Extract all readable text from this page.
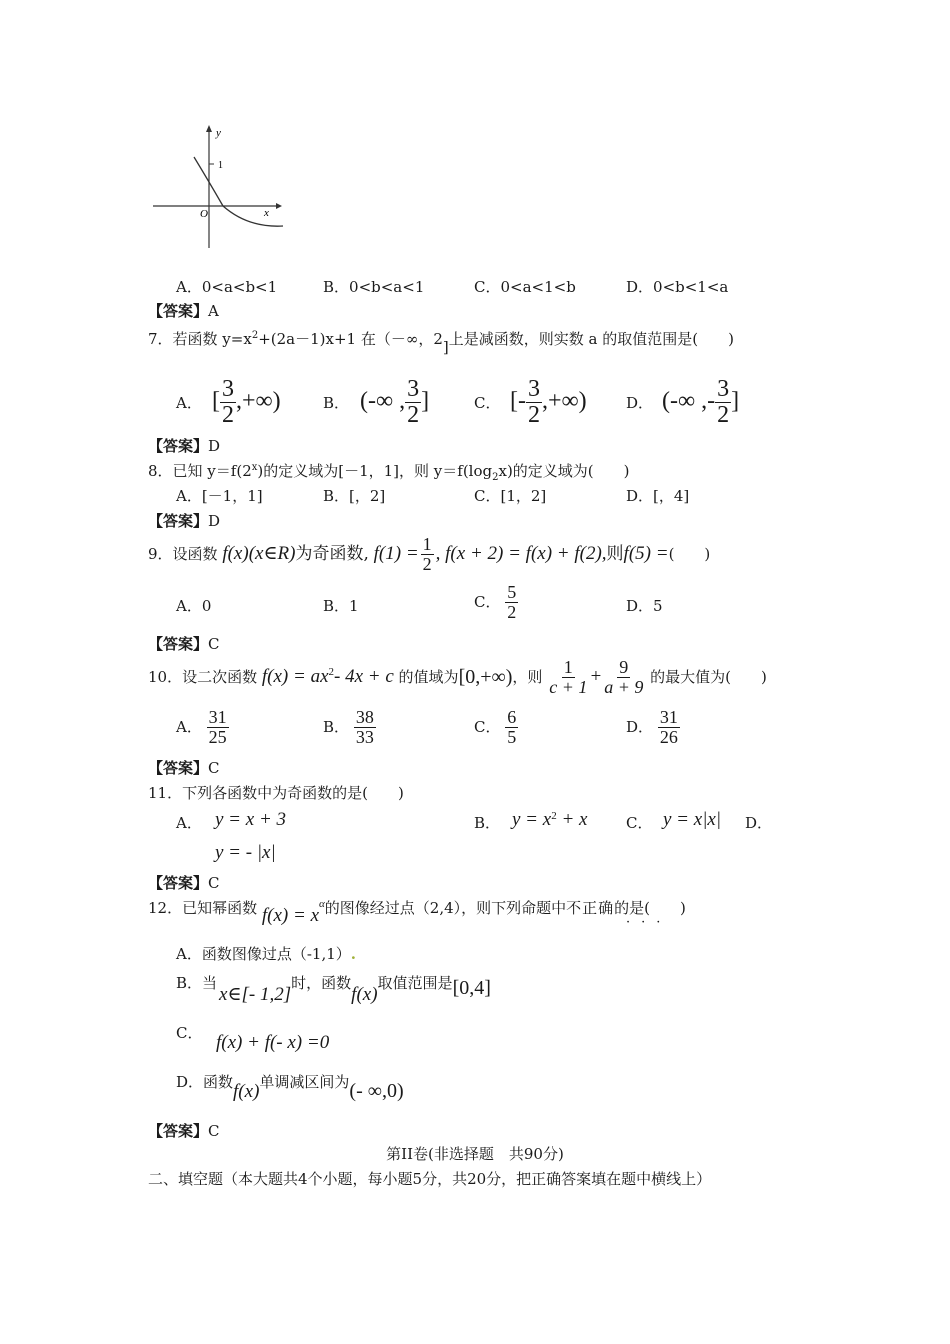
y
1
O	x
A．0<a<b<1	B．0<b<a<1	C．0<a<1<b	D．0<b<1<a
【答案】A
7．若函数 $y=x^2+(2a-1)x+1$ 在（－∞，2]上是减函数，则实数 a 的取值范围是(　　)
A． [ $\frac{3}{2}$ ,+∞)	B． (-∞ , $\frac{3}{2}$ ]	C． [- $\frac{3}{2}$ ,+∞)	D． (-∞ ,- $\frac{3}{2}$ ]
【答案】D
8．已知 $y=f(2^x)$的定义域为[－1，1]，则 $y=f(\log_2x)$的定义域为(　　)
A．[－1，1]	B．[，2]	C．[1，2]	D．[，4]
【答案】D
9．设函数
f(x)(x∈R) 为奇函数,
$f(1) = \frac{1}{2}$ , f(x + 2) = f(x) + f(2), 则 f(5) = (　　)
A．0	B．1	C．
$\frac{5}{2}$	D．5
【答案】C
10．设二次函数
$f(x) = ax^2 - 4x + c$
的值域为 [0,+∞) ，则
$\frac{1}{c + 1} + \frac{9}{a + 9}$
的最大值为(　　)
A．
$\frac{31}{25}$	B．
$\frac{38}{33}$	C．
$\frac{6}{5}$	D．
$\frac{31}{26}$
【答案】C
11．下列各函数中为奇函数的是(　　)
A． y = x + 3	B． $y = x^2 + x$	C． y = x|x| D．
y = - |x|
【答案】C
12．已知幂函数
f(x) = x
$^\alpha$ 的图像经过点（2,4），则下列命题中 不正确 的是(　　)
···
A．函数图像过点（-1,1）.
B．当
x∈[- 1,2]
时，函数
f(x)
取值范围是 [0,4]
C． f(x) + f(- x) =0
D．函数 f(x) 单调减区间为 (- ∞,0)
【答案】C
第II卷(非选择题　共90分)
二、填空题（本大题共4个小题，每小题5分，共20分，把正确答案填在题中横线上）
